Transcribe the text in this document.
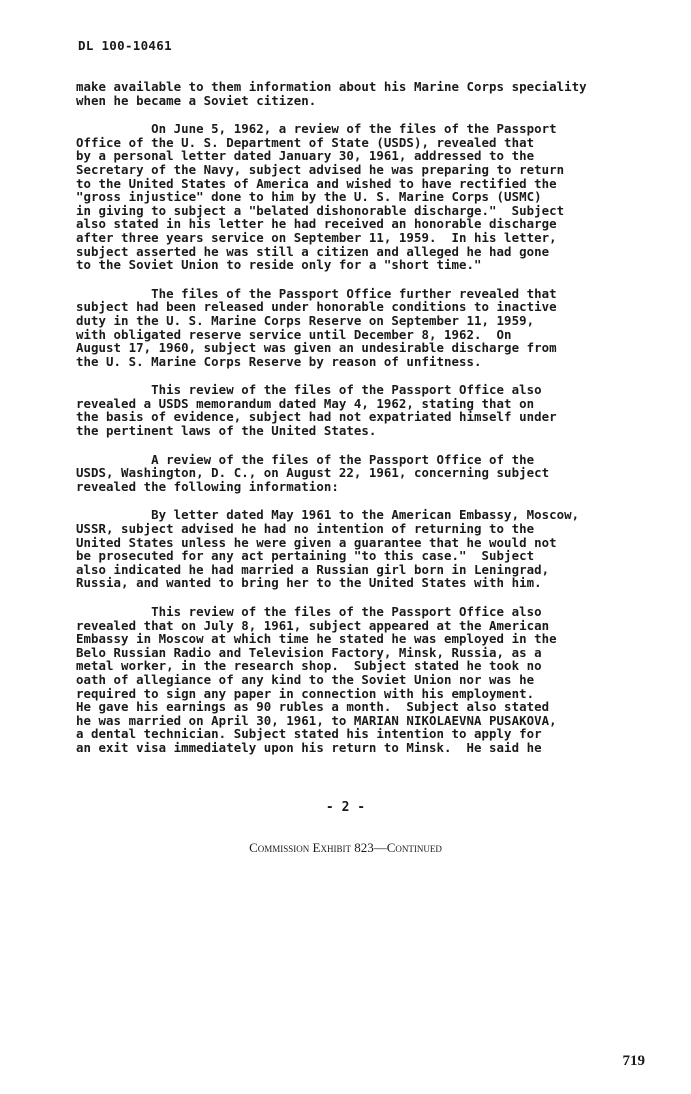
DL 100-10461

make available to them information about his Marine Corps speciality
when he became a Soviet citizen.

On June 5, 1962, a review of the files of the Passport
Office of the U. S. Department of State (USDS), revealed that
by a personal letter dated January 30, 1961, addressed to the
Secretary of the Navy, subject advised he was preparing to return
to the United States of America and wished to have rectified the
"gross injustice" done to him by the U. S. Marine Corps (USMC)
in giving to subject a "belated dishonorable discharge."  Subject
also stated in his letter he had received an honorable discharge
after three years service on September 11, 1959.  In his letter,
subject asserted he was still a citizen and alleged he had gone
to the Soviet Union to reside only for a "short time."

The files of the Passport Office further revealed that
subject had been released under honorable conditions to inactive
duty in the U. S. Marine Corps Reserve on September 11, 1959,
with obligated reserve service until December 8, 1962.  On
August 17, 1960, subject was given an undesirable discharge from
the U. S. Marine Corps Reserve by reason of unfitness.

This review of the files of the Passport Office also
revealed a USDS memorandum dated May 4, 1962, stating that on
the basis of evidence, subject had not expatriated himself under
the pertinent laws of the United States.

A review of the files of the Passport Office of the
USDS, Washington, D. C., on August 22, 1961, concerning subject
revealed the following information:

By letter dated May 1961 to the American Embassy, Moscow,
USSR, subject advised he had no intention of returning to the
United States unless he were given a guarantee that he would not
be prosecuted for any act pertaining "to this case."  Subject
also indicated he had married a Russian girl born in Leningrad,
Russia, and wanted to bring her to the United States with him.

This review of the files of the Passport Office also
revealed that on July 8, 1961, subject appeared at the American
Embassy in Moscow at which time he stated he was employed in the
Belo Russian Radio and Television Factory, Minsk, Russia, as a
metal worker, in the research shop.  Subject stated he took no
oath of allegiance of any kind to the Soviet Union nor was he
required to sign any paper in connection with his employment.
He gave his earnings as 90 rubles a month.  Subject also stated
he was married on April 30, 1961, to MARIAN NIKOLAEVNA PUSAKOVA,
a dental technician. Subject stated his intention to apply for
an exit visa immediately upon his return to Minsk.  He said he

- 2 -
Commission Exhibit 823—Continued
719
